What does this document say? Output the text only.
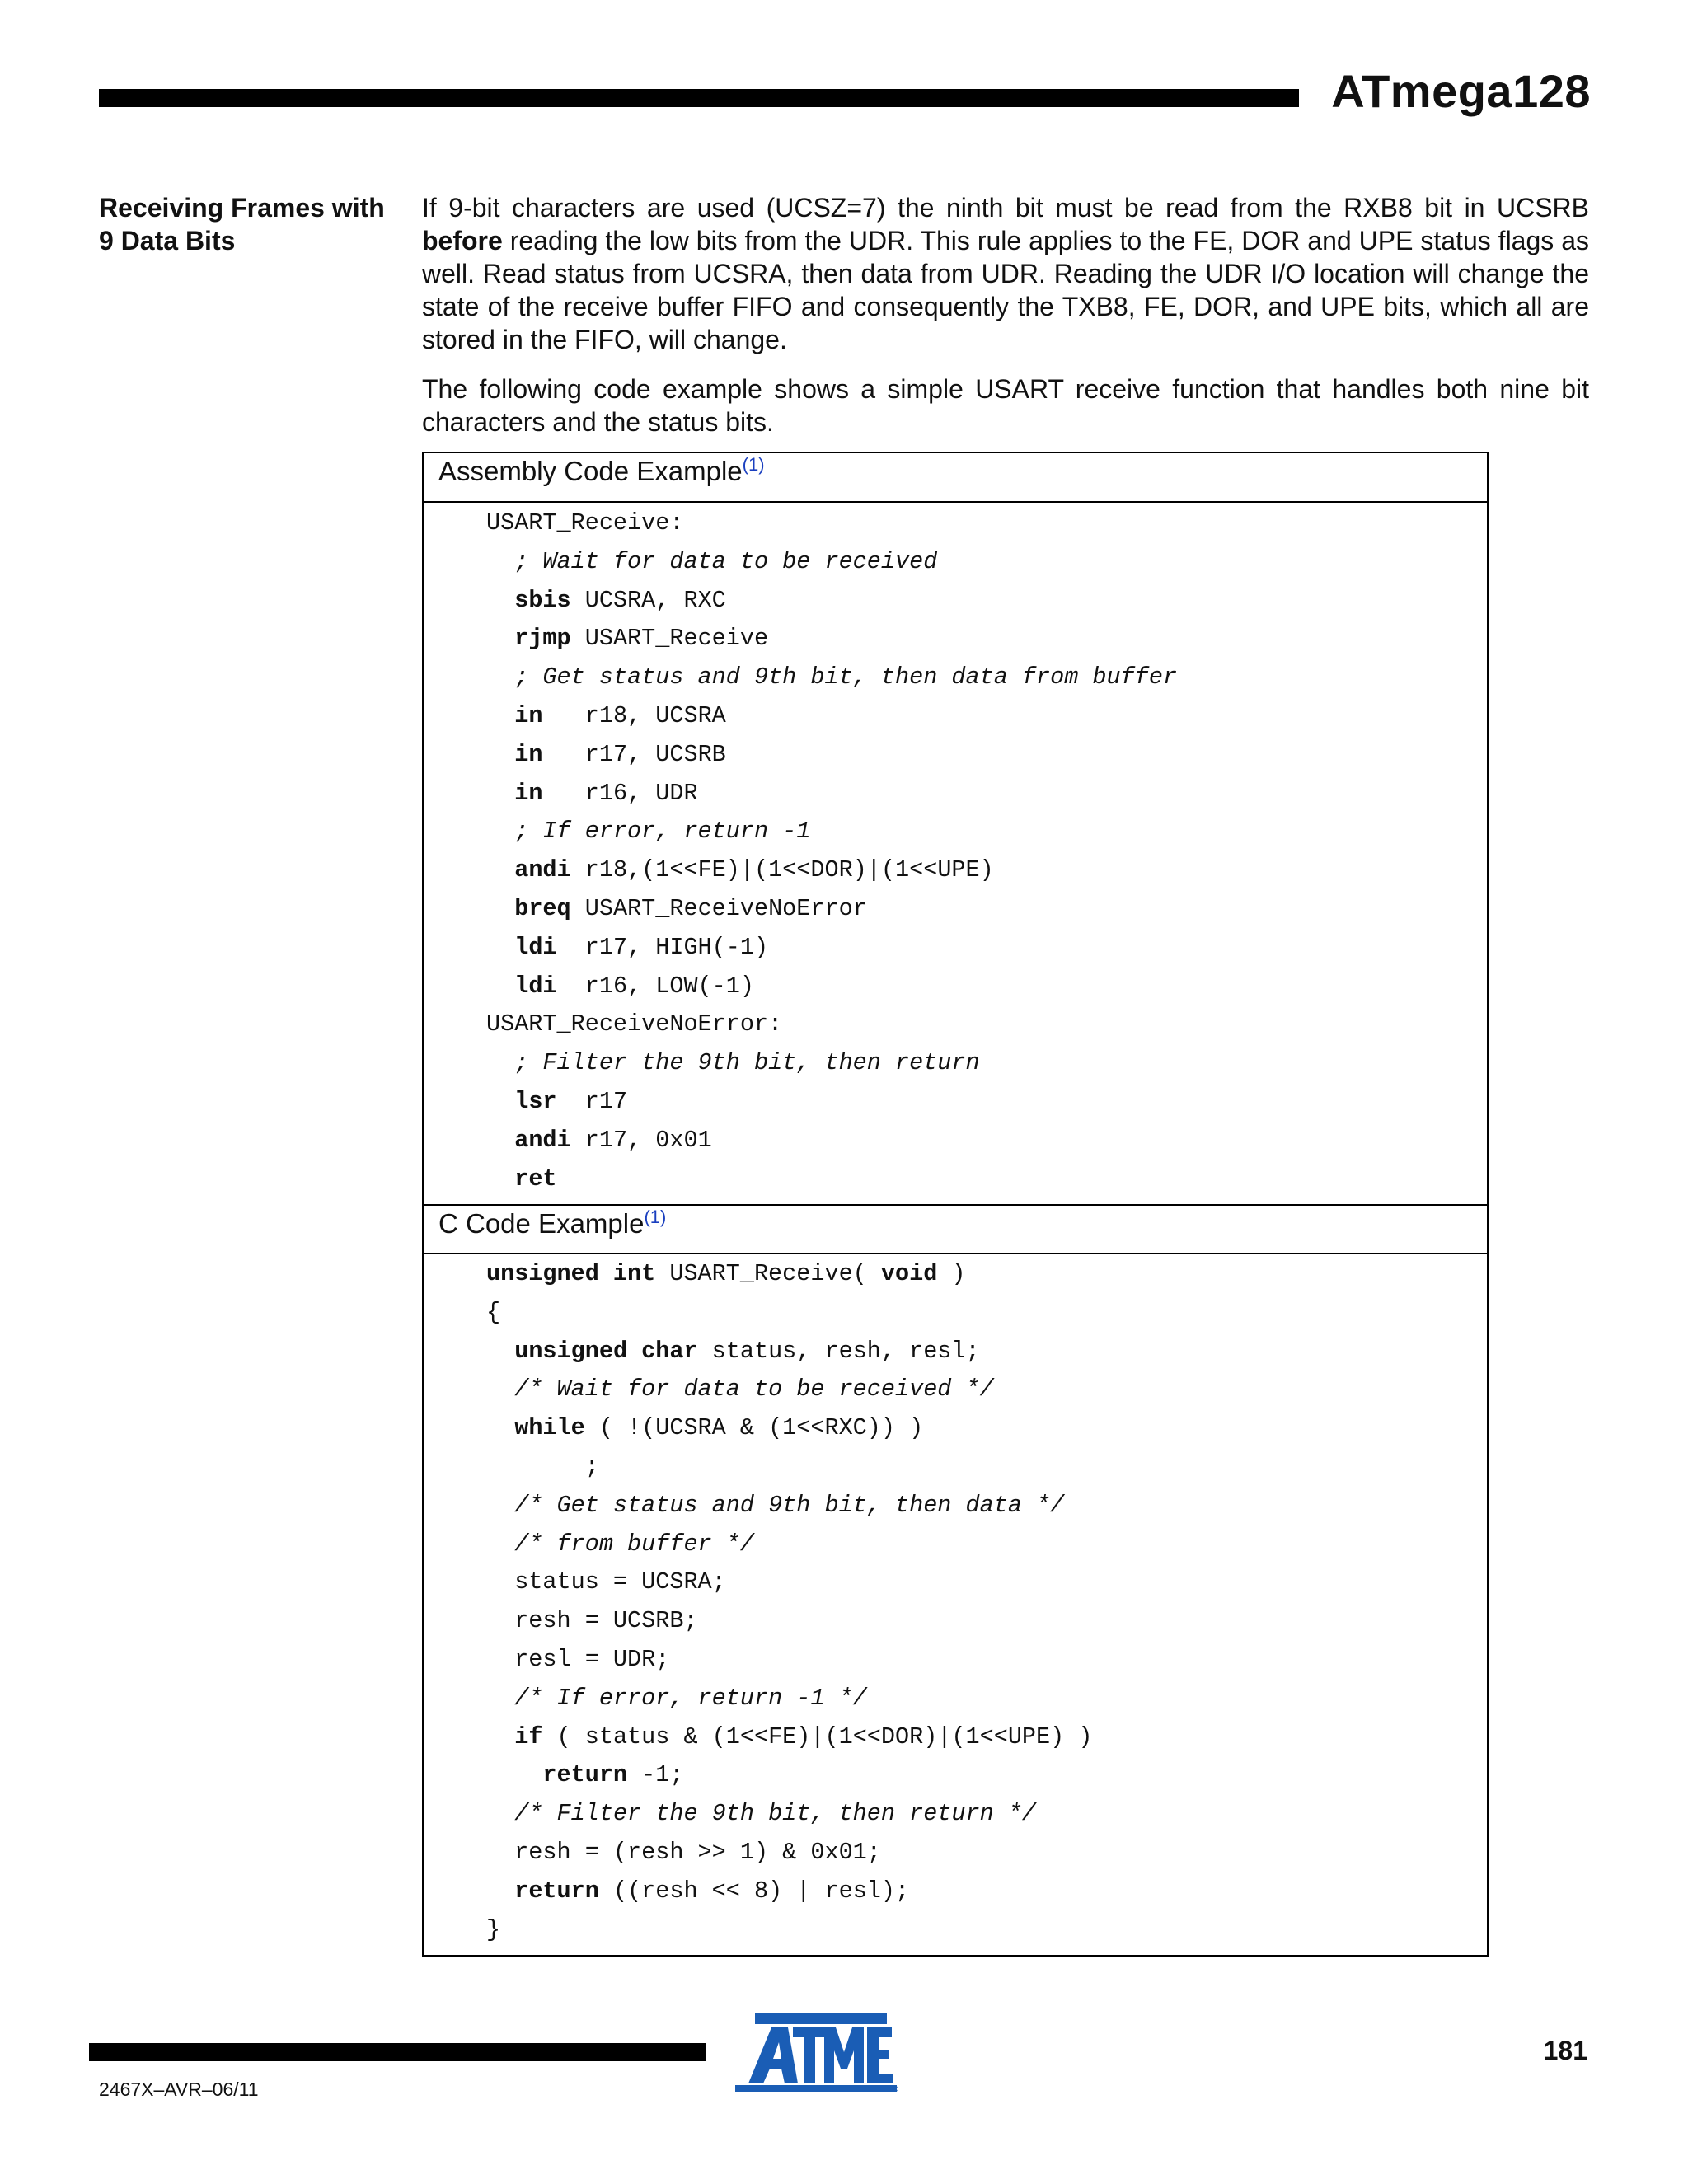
ATmega128
Receiving Frames with
9 Data Bits
If 9-bit characters are used (UCSZ=7) the ninth bit must be read from the RXB8 bit in UCSRB before reading the low bits from the UDR. This rule applies to the FE, DOR and UPE status flags as well. Read status from UCSRA, then data from UDR. Reading the UDR I/O location will change the state of the receive buffer FIFO and consequently the TXB8, FE, DOR, and UPE bits, which all are stored in the FIFO, will change.
The following code example shows a simple USART receive function that handles both nine bit characters and the status bits.
Assembly Code Example$^{(1)}$
USART_Receive:
; Wait for data to be received
sbis UCSRA, RXC
rjmp USART_Receive
; Get status and 9th bit, then data from buffer
in   r18, UCSRA
in   r17, UCSRB
in   r16, UDR
; If error, return -1
andi r18,(1<<FE)|(1<<DOR)|(1<<UPE)
breq USART_ReceiveNoError
ldi  r17, HIGH(-1)
ldi  r16, LOW(-1)
USART_ReceiveNoError:
; Filter the 9th bit, then return
lsr  r17
andi r17, 0x01
ret
C Code Example$^{(1)}$
unsigned int USART_Receive( void )
{
unsigned char status, resh, resl;
/* Wait for data to be received */
while ( !(UCSRA & (1<<RXC)) )
;
/* Get status and 9th bit, then data */
/* from buffer */
status = UCSRA;
resh = UCSRB;
resl = UDR;
/* If error, return -1 */
if ( status & (1<<FE)|(1<<DOR)|(1<<UPE) )
return -1;
/* Filter the 9th bit, then return */
resh = (resh >> 1) & 0x01;
return ((resh << 8) | resl);
}
®
181
2467X–AVR–06/11
